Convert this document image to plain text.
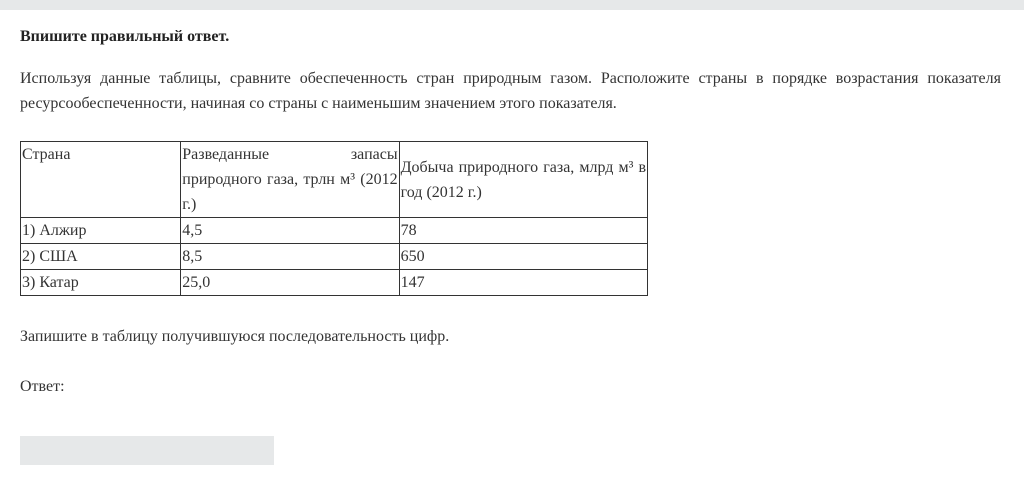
Впишите правильный ответ.
Используя данные таблицы, сравните обеспеченность стран природным газом. Расположите страны в порядке возрастания показателя ресурсообеспеченности, начиная со страны с наименьшим значением этого показателя.
Страна	Разведанные запасы природного газа, трлн м³ (2012 г.)	Добыча природного газа, млрд м³ в год (2012 г.)
1) Алжир	4,5	78
2) США	8,5	650
3) Катар	25,0	147
Запишите в таблицу получившуюся последовательность цифр.
Ответ:
